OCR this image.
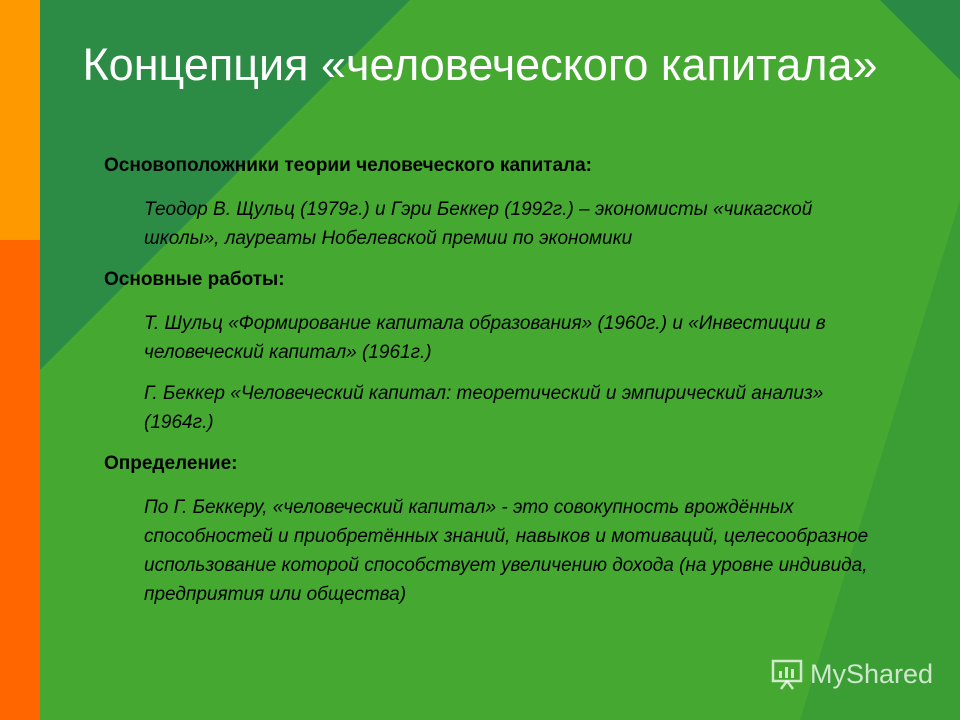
Концепция «человеческого капитала»

Основоположники теории человеческого капитала:

Теодор В. Щульц (1979г.) и Гэри Беккер (1992г.) – экономисты «чикагской школы», лауреаты Нобелевской премии по экономики

Основные работы:

Т. Шульц «Формирование капитала образования» (1960г.) и «Инвестиции в человеческий капитал» (1961г.)

Г. Беккер «Человеческий капитал: теоретический и эмпирический анализ» (1964г.)

Определение:

По Г. Беккеру, «человеческий капитал» - это совокупность врождённых способностей и приобретённых знаний, навыков и мотиваций, целесообразное использование которой способствует увеличению дохода (на уровне индивида, предприятия или общества)

MyShared
